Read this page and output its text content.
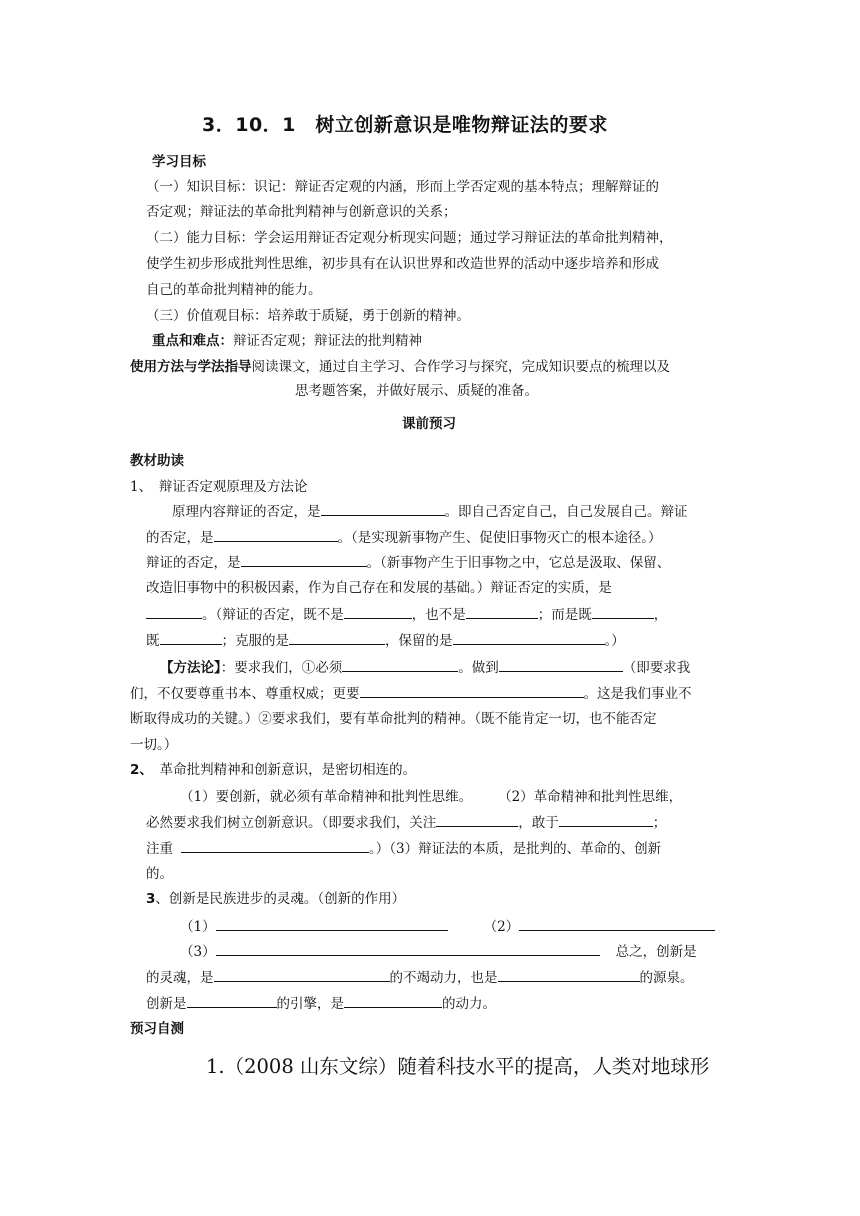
3．10．1　树立创新意识是唯物辩证法的要求
学习目标
（一）知识目标：识记：辩证否定观的内涵，形而上学否定观的基本特点；理解辩证的
否定观；辩证法的革命批判精神与创新意识的关系；
（二）能力目标：学会运用辩证否定观分析现实问题；通过学习辩证法的革命批判精神，
使学生初步形成批判性思维，初步具有在认识世界和改造世界的活动中逐步培养和形成
自己的革命批判精神的能力。
（三）价值观目标：培养敢于质疑，勇于创新的精神。
重点和难点：辩证否定观；辩证法的批判精神
使用方法与学法指导阅读课文，通过自主学习、合作学习与探究，完成知识要点的梳理以及
思考题答案，并做好展示、质疑的准备。
课前预习
教材助读
1、　辩证否定观原理及方法论
原理内容辩证的否定，是	。即自己否定自己，自己发展自己。辩证
的否定，是	。（是实现新事物产生、促使旧事物灭亡的根本途径。）
辩证的否定，是	。（新事物产生于旧事物之中，它总是汲取、保留、
改造旧事物中的积极因素，作为自己存在和发展的基础。）辩证否定的实质，是
。（辩证的否定，既不是	，也不是	；而是既	，
既	；克服的是	，保留的是	。）
【方法论】：要求我们，①必须	。做到	（即要求我
们，不仅要尊重书本、尊重权威；更要	。这是我们事业不
断取得成功的关键。）②要求我们，要有革命批判的精神。（既不能肯定一切，也不能否定
一切。）
2、　革命批判精神和创新意识，是密切相连的。
（1）要创新，就必须有革命精神和批判性思维。 （2）革命精神和批判性思维，
必然要求我们树立创新意识。（即要求我们，关注	，敢于	；
注重	。）（3）辩证法的本质，是批判的、革命的、创新
的。
3、创新是民族进步的灵魂。（创新的作用）
（1）	（2）
（3）	总之，创新是
的灵魂，是	的不竭动力，也是	的源泉。
创新是	的引擎，是	的动力。
预习自测
1.（2008 山东文综）随着科技水平的提高，人类对地球形
